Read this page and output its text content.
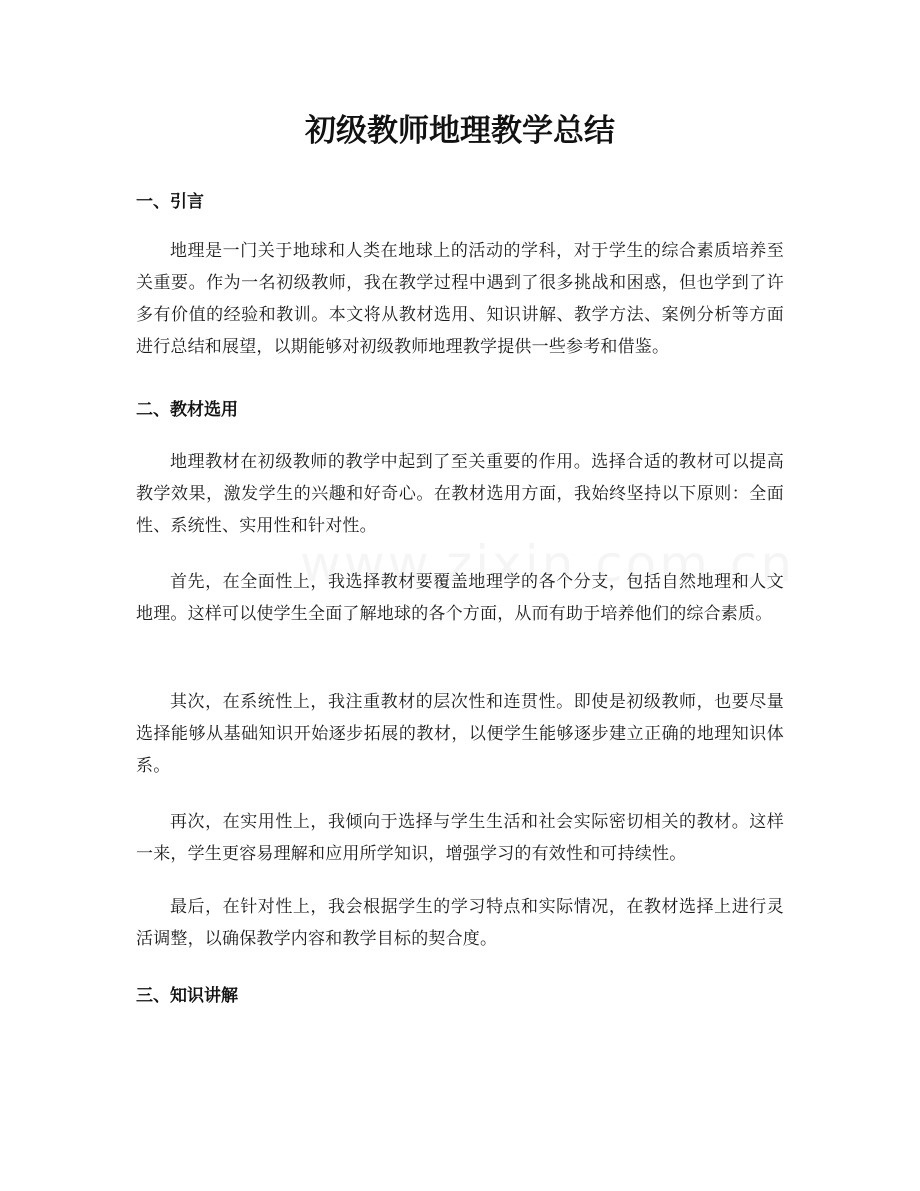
初级教师地理教学总结
一、引言

地理是一门关于地球和人类在地球上的活动的学科，对于学生的综合素质培养至关重要。作为一名初级教师，我在教学过程中遇到了很多挑战和困惑，但也学到了许多有价值的经验和教训。本文将从教材选用、知识讲解、教学方法、案例分析等方面进行总结和展望，以期能够对初级教师地理教学提供一些参考和借鉴。

二、教材选用

地理教材在初级教师的教学中起到了至关重要的作用。选择合适的教材可以提高教学效果，激发学生的兴趣和好奇心。在教材选用方面，我始终坚持以下原则：全面性、系统性、实用性和针对性。

首先，在全面性上，我选择教材要覆盖地理学的各个分支，包括自然地理和人文地理。这样可以使学生全面了解地球的各个方面，从而有助于培养他们的综合素质。

其次，在系统性上，我注重教材的层次性和连贯性。即使是初级教师，也要尽量选择能够从基础知识开始逐步拓展的教材，以便学生能够逐步建立正确的地理知识体系。

再次，在实用性上，我倾向于选择与学生生活和社会实际密切相关的教材。这样一来，学生更容易理解和应用所学知识，增强学习的有效性和可持续性。

最后，在针对性上，我会根据学生的学习特点和实际情况，在教材选择上进行灵活调整，以确保教学内容和教学目标的契合度。

三、知识讲解
